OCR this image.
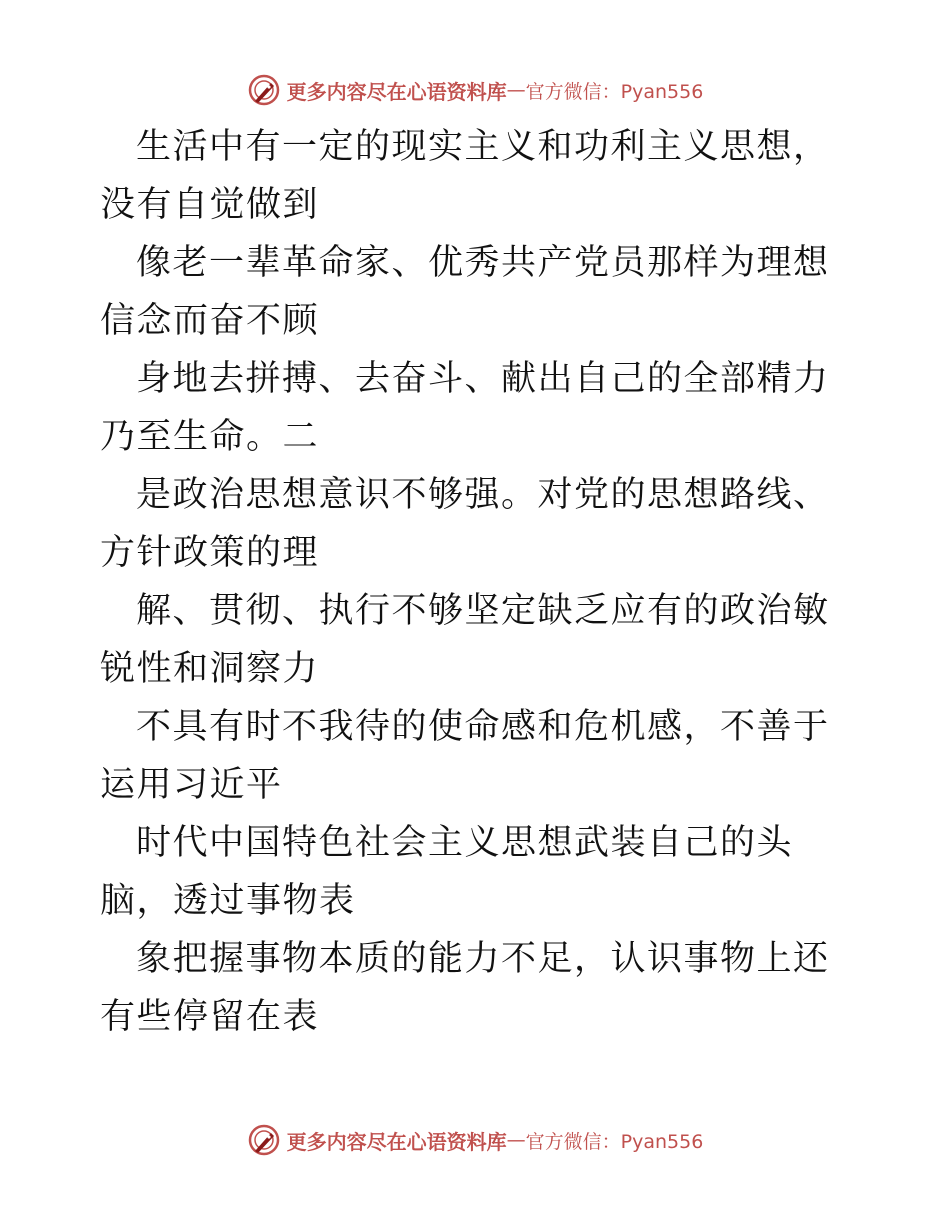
更多内容尽在心语资料库 — 官方微信：Pyan556

生活中有一定的现实主义和功利主义思想，没有自觉做到

像老一辈革命家、优秀共产党员那样为理想信念而奋不顾

身地去拼搏、去奋斗、献出自己的全部精力乃至生命。二

是政治思想意识不够强。对党的思想路线、方针政策的理

解、贯彻、执行不够坚定缺乏应有的政治敏锐性和洞察力

不具有时不我待的使命感和危机感，不善于运用习近平

时代中国特色社会主义思想武装自己的头脑，透过事物表

象把握事物本质的能力不足，认识事物上还有些停留在表

更多内容尽在心语资料库 — 官方微信：Pyan556
